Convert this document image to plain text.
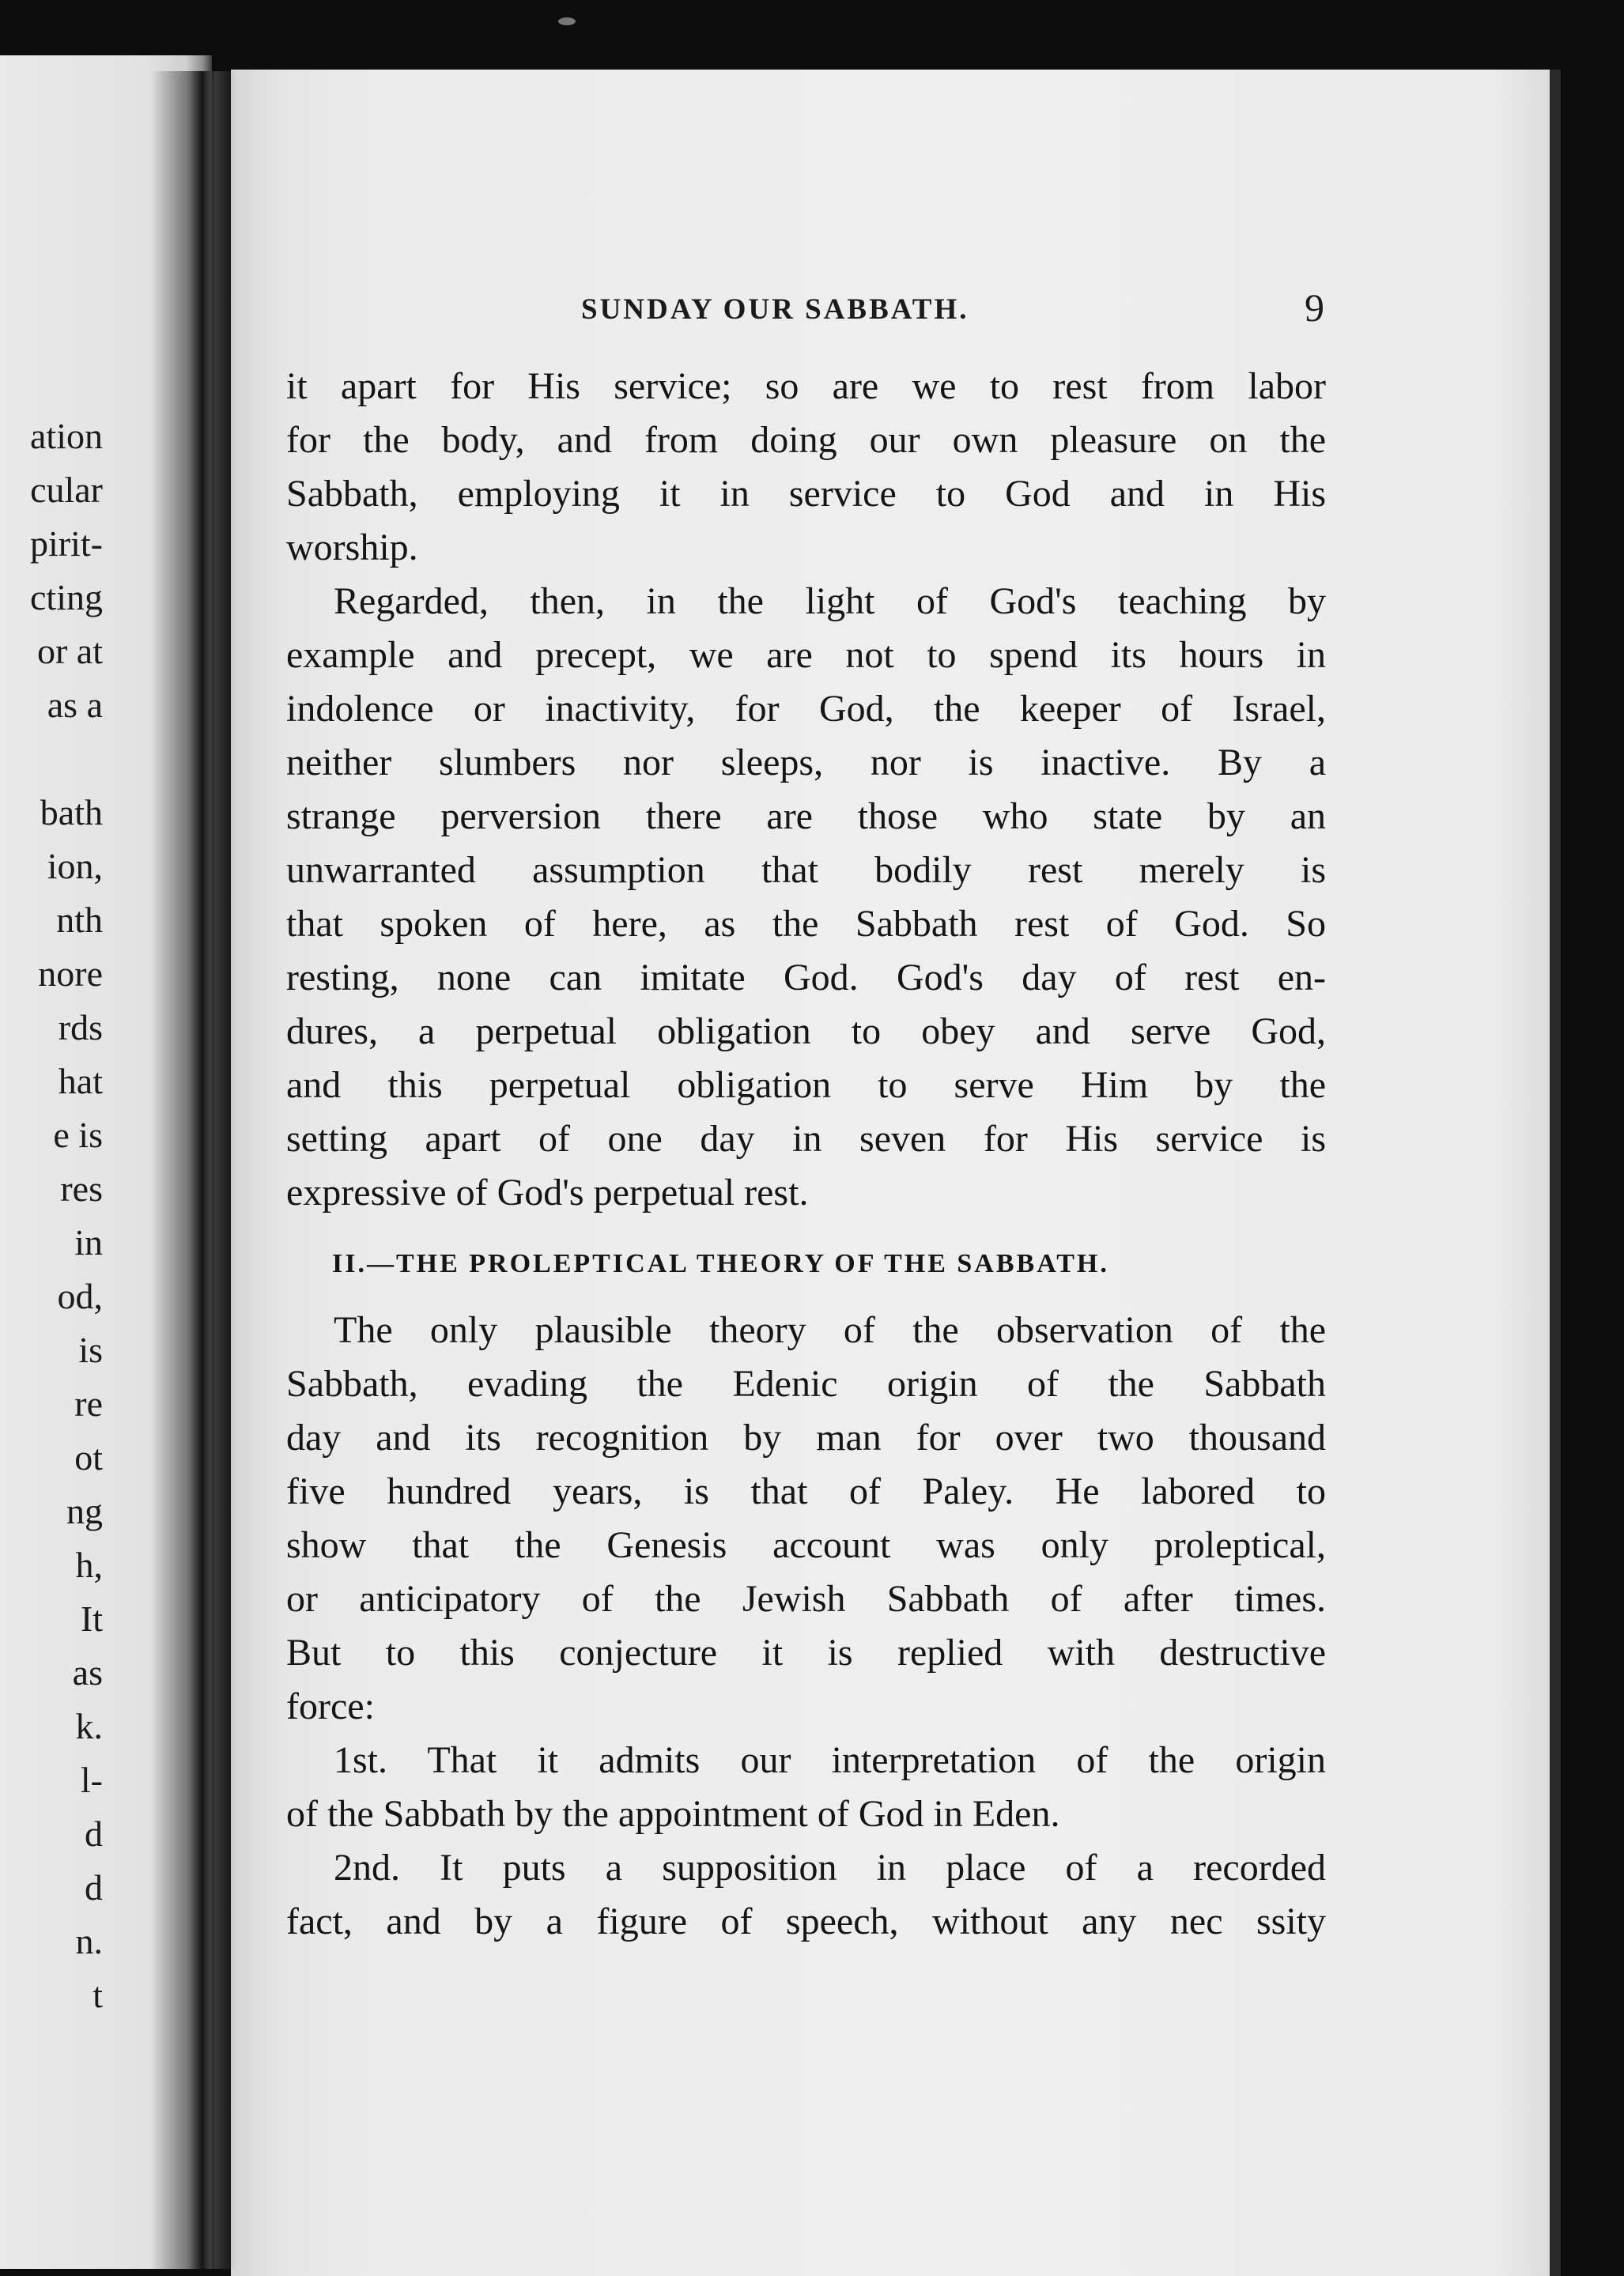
ation
cular
pirit-
cting
or at
as a
bath
ion,
nth
nore
rds
hat
e is
res
in
od,
is
re
ot
ng
h,
It
as
k.
l-
d
d
n.
t
SUNDAY OUR SABBATH.	9
it apart for His service; so are we to rest from labor
for the body, and from doing our own pleasure on the
Sabbath, employing it in service to God and in His
worship.
Regarded, then, in the light of God's teaching by
example and precept, we are not to spend its hours in
indolence or inactivity, for God, the keeper of Israel,
neither slumbers nor sleeps, nor is inactive. By a
strange perversion there are those who state by an
unwarranted assumption that bodily rest merely is
that spoken of here, as the Sabbath rest of God. So
resting, none can imitate God. God's day of rest en-
dures, a perpetual obligation to obey and serve God,
and this perpetual obligation to serve Him by the
setting apart of one day in seven for His service is
expressive of God's perpetual rest.
II.—THE PROLEPTICAL THEORY OF THE SABBATH.
The only plausible theory of the observation of the
Sabbath, evading the Edenic origin of the Sabbath
day and its recognition by man for over two thousand
five hundred years, is that of Paley. He labored to
show that the Genesis account was only proleptical,
or anticipatory of the Jewish Sabbath of after times.
But to this conjecture it is replied with destructive
force:
1st. That it admits our interpretation of the origin
of the Sabbath by the appointment of God in Eden.
2nd. It puts a supposition in place of a recorded
fact, and by a figure of speech, without any nec ssity
